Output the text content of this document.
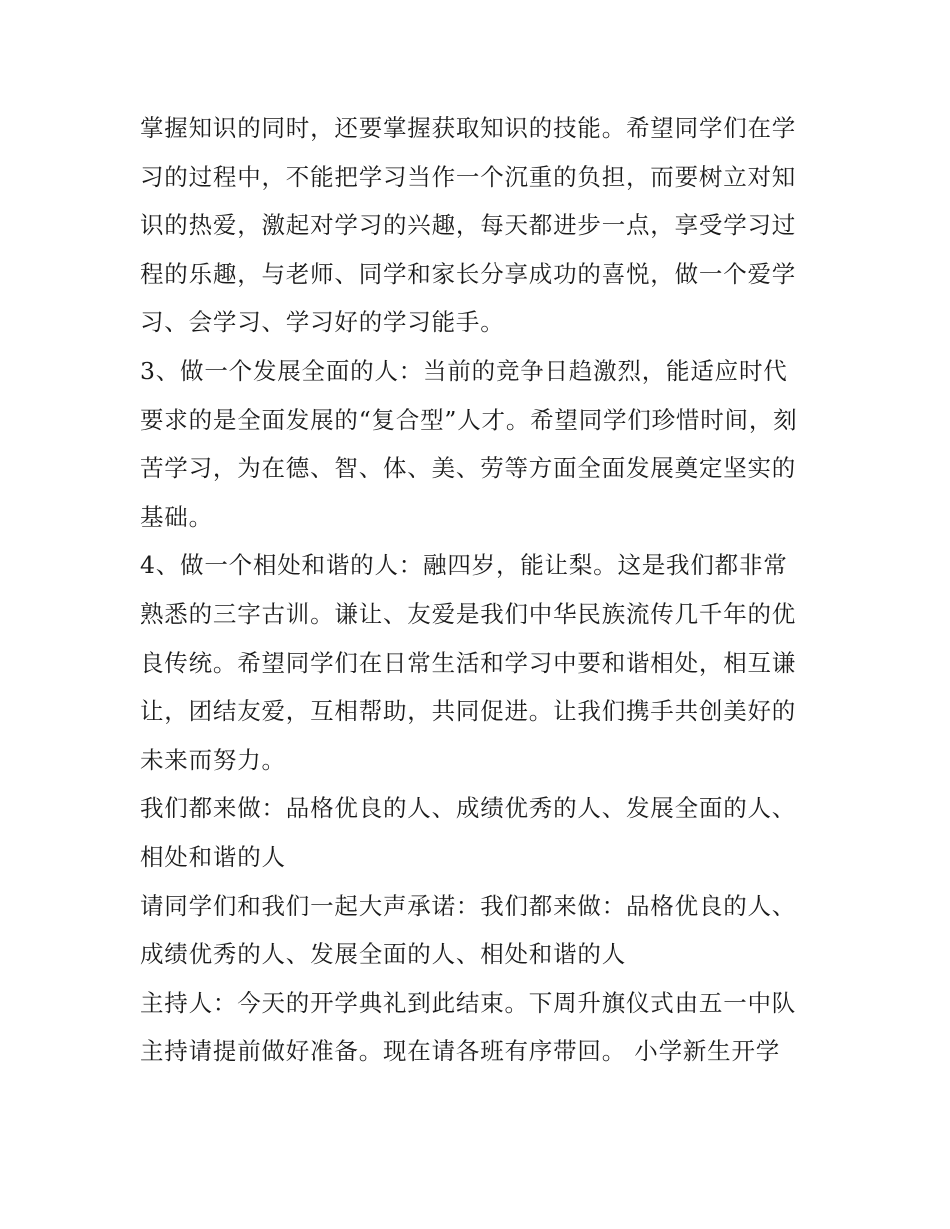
掌握知识的同时，还要掌握获取知识的技能。希望同学们在学
习的过程中，不能把学习当作一个沉重的负担，而要树立对知
识的热爱，激起对学习的兴趣，每天都进步一点，享受学习过
程的乐趣，与老师、同学和家长分享成功的喜悦，做一个爱学
习、会学习、学习好的学习能手。
3、做一个发展全面的人：当前的竞争日趋激烈，能适应时代
要求的是全面发展的“复合型”人才。希望同学们珍惜时间，刻
苦学习，为在德、智、体、美、劳等方面全面发展奠定坚实的
基础。
4、做一个相处和谐的人：融四岁，能让梨。这是我们都非常
熟悉的三字古训。谦让、友爱是我们中华民族流传几千年的优
良传统。希望同学们在日常生活和学习中要和谐相处，相互谦
让，团结友爱，互相帮助，共同促进。让我们携手共创美好的
未来而努力。
我们都来做：品格优良的人、成绩优秀的人、发展全面的人、
相处和谐的人
请同学们和我们一起大声承诺：我们都来做：品格优良的人、
成绩优秀的人、发展全面的人、相处和谐的人
主持人：今天的开学典礼到此结束。下周升旗仪式由五一中队
主持请提前做好准备。现在请各班有序带回。 小学新生开学
